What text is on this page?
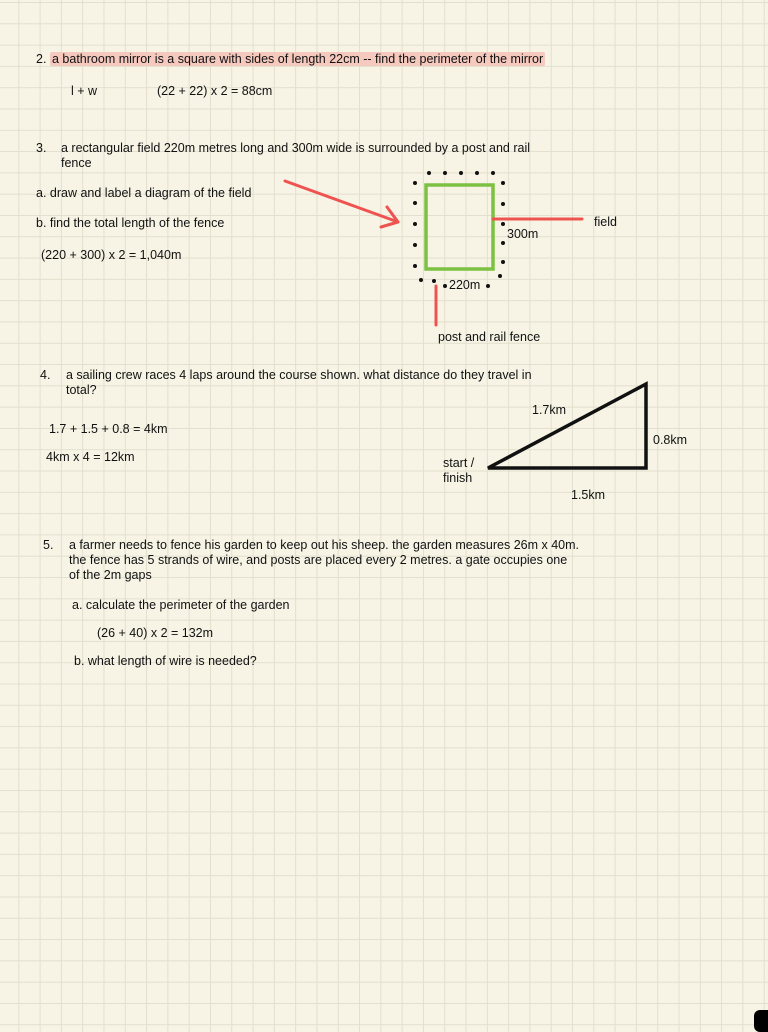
2. a bathroom mirror is a square with sides of length 22cm -- find the perimeter of the mirror
l + w	(22 + 22) x 2 = 88cm
3. a rectangular field 220m metres long and 300m wide is surrounded by a post and rail
fence
a. draw and label a diagram of the field
b. find the total length of the fence
(220 + 300) x 2 = 1,040m
300m
220m
field
post and rail fence
4. a sailing crew races 4 laps around the course shown. what distance do they travel in
total?
1.7 + 1.5 + 0.8 = 4km
4km x 4 = 12km
1.7km
0.8km
1.5km
start /
finish
5. a farmer needs to fence his garden to keep out his sheep. the garden measures 26m x 40m.
the fence has 5 strands of wire, and posts are placed every 2 metres. a gate occupies one
of the 2m gaps
a. calculate the perimeter of the garden
(26 + 40) x 2 = 132m
b. what length of wire is needed?
